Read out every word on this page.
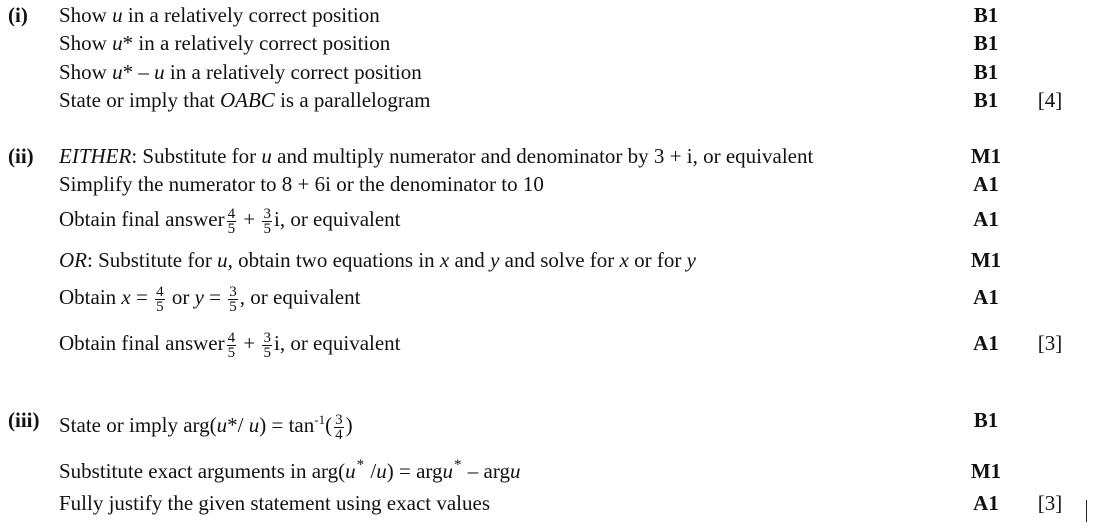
(i) Show u in a relatively correct position	B1
Show u* in a relatively correct position	B1
Show u* – u in a relatively correct position	B1
State or imply that OABC is a parallelogram	B1	[4]
(ii) EITHER: Substitute for u and multiply numerator and denominator by 3 + i, or equivalent	M1
Simplify the numerator to 8 + 6i or the denominator to 10	A1
Obtain final answer $\frac{4}{5} + \frac{3}{5} i$, or equivalent	A1
OR: Substitute for u, obtain two equations in x and y and solve for x or for y	M1
Obtain $x = \frac{4}{5}$ or $y = \frac{3}{5}$ , or equivalent	A1
Obtain final answer $\frac{4}{5} + \frac{3}{5} i$, or equivalent	A1	[3]
(iii) State or imply arg(u*/ $u) = \tan^{-1}( \frac{3}{4}$ )	B1
Substitute exact arguments in arg(u* /u) = argu* – argu	M1
Fully justify the given statement using exact values	A1	[3]
